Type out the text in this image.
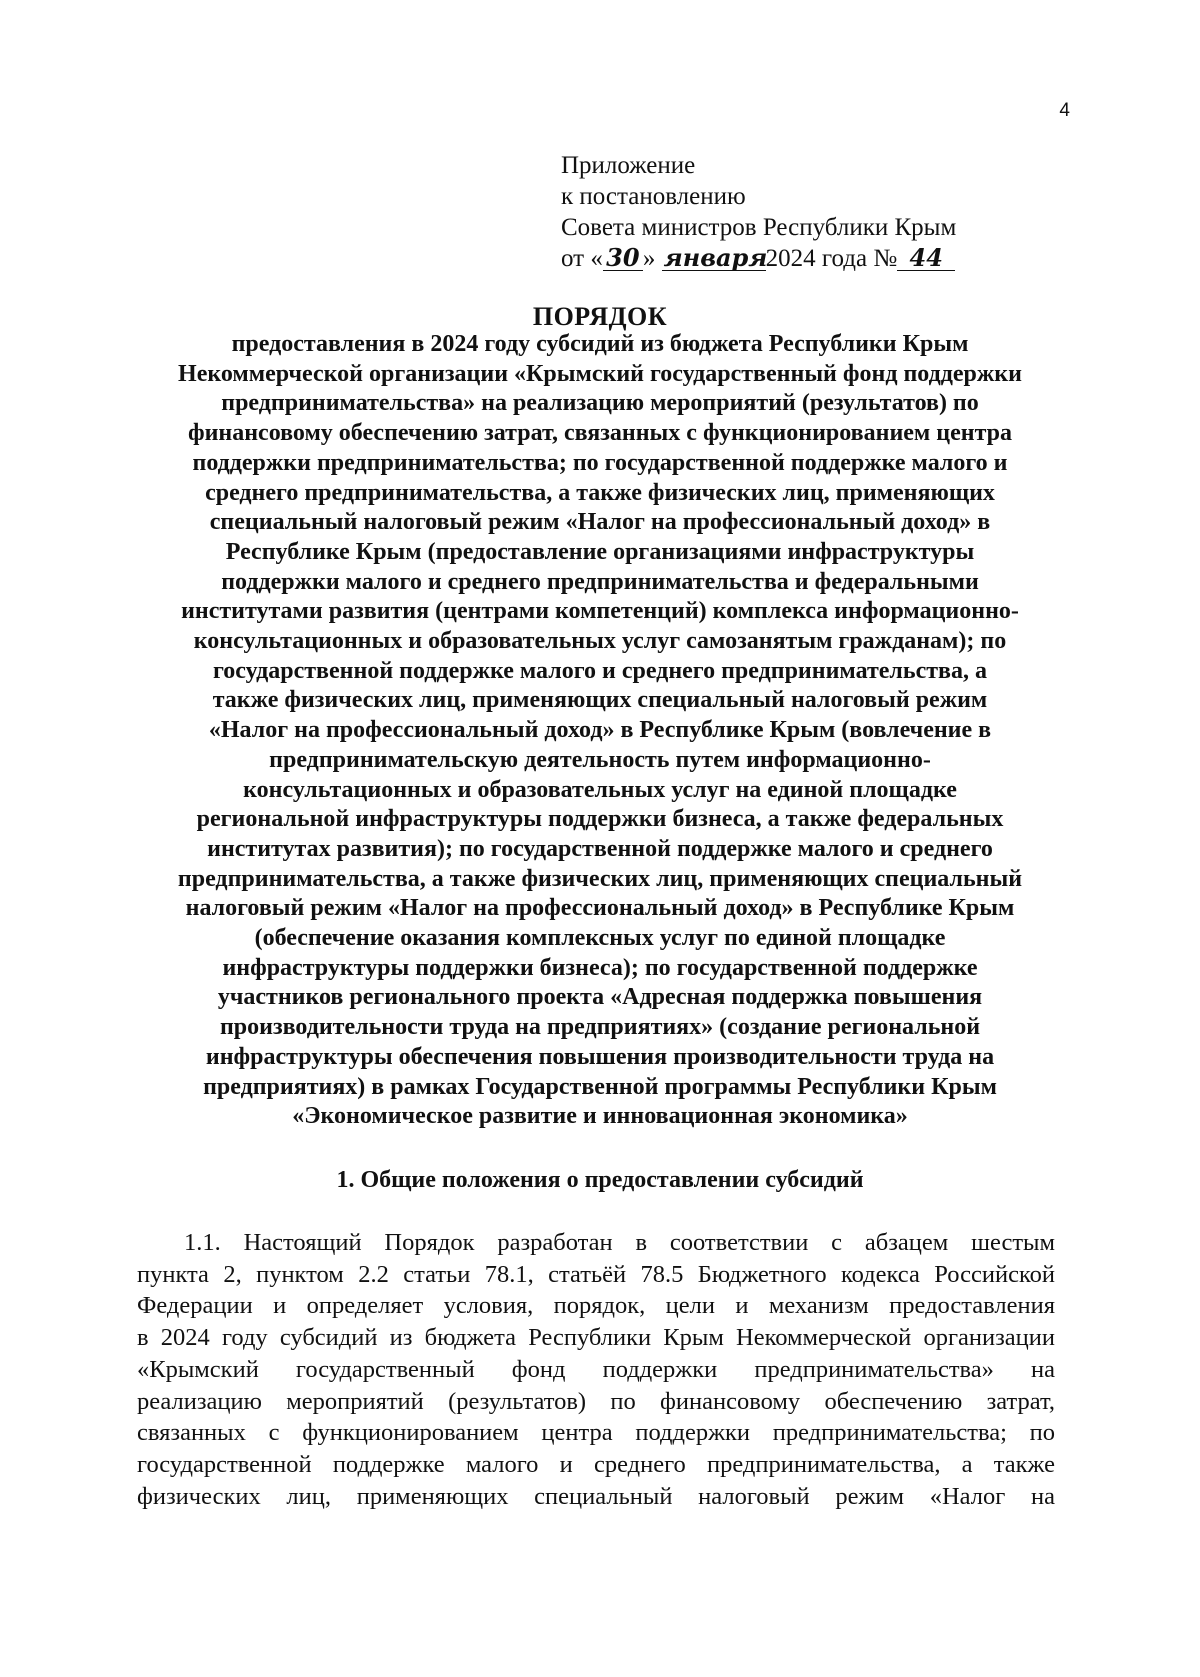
4
Приложение
к постановлению
Совета министров Республики Крым
от « 30 » января2024 года № 44
ПОРЯДОК
предоставления в 2024 году субсидий из бюджета Республики Крым
Некоммерческой организации «Крымский государственный фонд поддержки
предпринимательства» на реализацию мероприятий (результатов) по
финансовому обеспечению затрат, связанных с функционированием центра
поддержки предпринимательства; по государственной поддержке малого и
среднего предпринимательства, а также физических лиц, применяющих
специальный налоговый режим «Налог на профессиональный доход» в
Республике Крым (предоставление организациями инфраструктуры
поддержки малого и среднего предпринимательства и федеральными
институтами развития (центрами компетенций) комплекса информационно-
консультационных и образовательных услуг самозанятым гражданам); по
государственной поддержке малого и среднего предпринимательства, а
также физических лиц, применяющих специальный налоговый режим
«Налог на профессиональный доход» в Республике Крым (вовлечение в
предпринимательскую деятельность путем информационно-
консультационных и образовательных услуг на единой площадке
региональной инфраструктуры поддержки бизнеса, а также федеральных
институтах развития); по государственной поддержке малого и среднего
предпринимательства, а также физических лиц, применяющих специальный
налоговый режим «Налог на профессиональный доход» в Республике Крым
(обеспечение оказания комплексных услуг по единой площадке
инфраструктуры поддержки бизнеса); по государственной поддержке
участников регионального проекта «Адресная поддержка повышения
производительности труда на предприятиях» (создание региональной
инфраструктуры обеспечения повышения производительности труда на
предприятиях) в рамках Государственной программы Республики Крым
«Экономическое развитие и инновационная экономика»
1. Общие положения о предоставлении субсидий
1.1. Настоящий Порядок разработан в соответствии с абзацем шестым
пункта 2, пунктом 2.2 статьи 78.1, статьёй 78.5 Бюджетного кодекса Российской
Федерации и определяет условия, порядок, цели и механизм предоставления
в 2024 году субсидий из бюджета Республики Крым Некоммерческой организации
«Крымский государственный фонд поддержки предпринимательства» на
реализацию мероприятий (результатов) по финансовому обеспечению затрат,
связанных с функционированием центра поддержки предпринимательства; по
государственной поддержке малого и среднего предпринимательства, а также
физических лиц, применяющих специальный налоговый режим «Налог на
